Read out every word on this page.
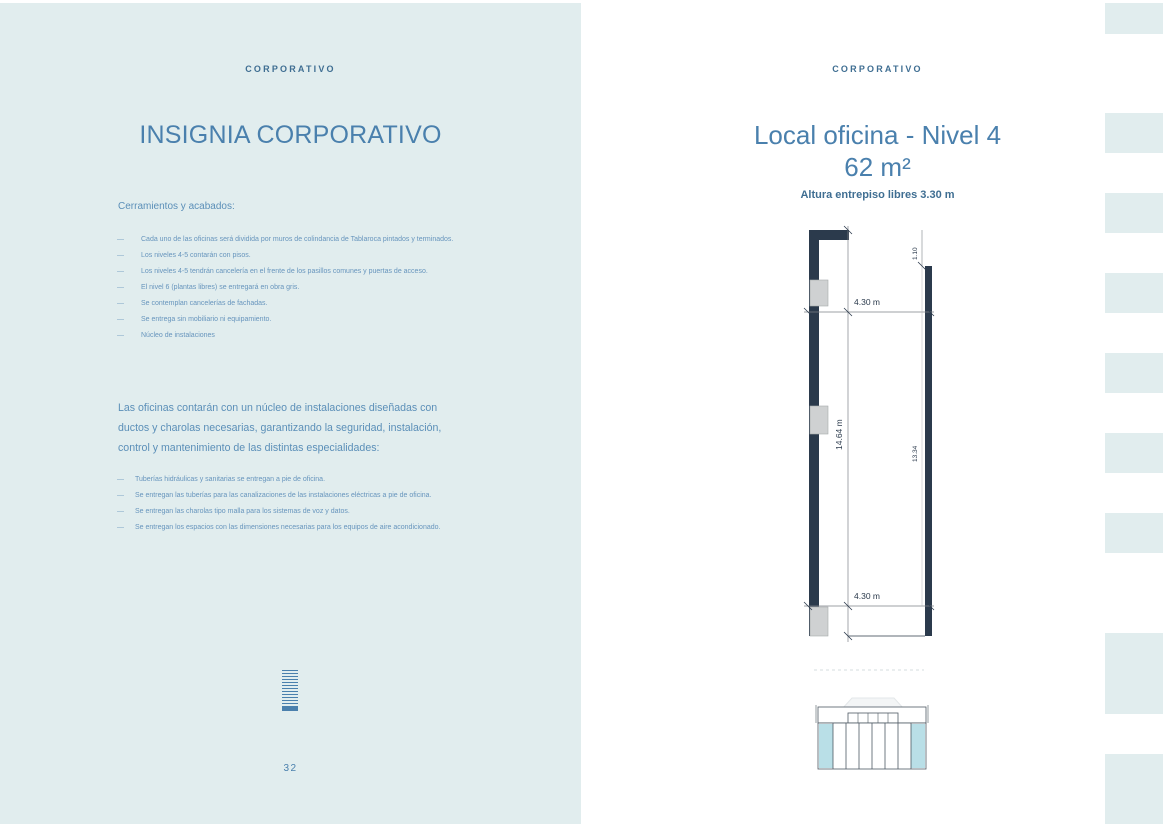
CORPORATIVO
INSIGNIA CORPORATIVO
Cerramientos y acabados:
— Cada uno de las oficinas será dividida por muros de colindancia de Tablaroca pintados y terminados.
— Los niveles 4-5 contarán con pisos.
— Los niveles 4-5 tendrán cancelería en el frente de los pasillos comunes y puertas de acceso.
— El nivel 6 (plantas libres) se entregará en obra gris.
— Se contemplan cancelerías de fachadas.
— Se entrega sin mobiliario ni equipamiento.
— Núcleo de instalaciones
Las oficinas contarán con un núcleo de instalaciones diseñadas con ductos y charolas necesarias, garantizando la seguridad, instalación, control y mantenimiento de las distintas especialidades:
— Tuberías hidráulicas y sanitarias se entregan a pie de oficina.
— Se entregan las tuberías para las canalizaciones de las instalaciones eléctricas a pie de oficina.
— Se entregan las charolas tipo malla para los sistemas de voz y datos.
— Se entregan los espacios con las dimensiones necesarias para los equipos de aire acondicionado.
32
CORPORATIVO
Local oficina - Nivel 4
62 m²
Altura entrepiso libres 3.30 m
4.30 m
4.30 m
14.64 m
13.34
1.10
